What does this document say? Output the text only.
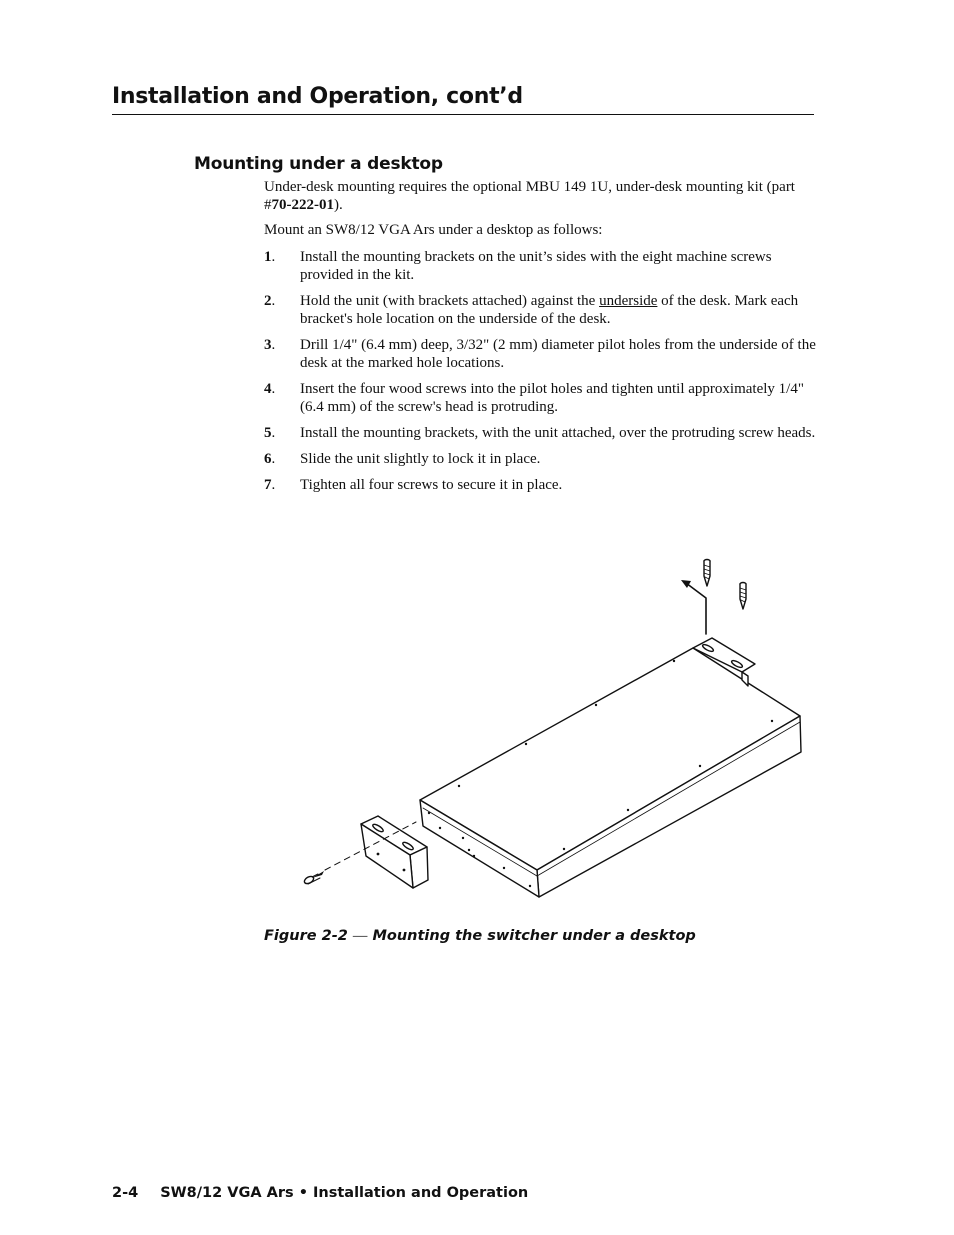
Installation and Operation, cont’d
Mounting under a desktop

Under-desk mounting requires the optional MBU 149 1U, under-desk mounting kit (part #70-222-01).

Mount an SW8/12 VGA Ars under a desktop as follows:

1.	Install the mounting brackets on the unit’s sides with the eight machine screws provided in the kit.
2.	Hold the unit (with brackets attached) against the underside of the desk. Mark each bracket's hole location on the underside of the desk.
3.	Drill 1/4" (6.4 mm) deep, 3/32" (2 mm) diameter pilot holes from the underside of the desk at the marked hole locations.
4.	Insert the four wood screws into the pilot holes and tighten until approximately 1/4" (6.4 mm) of the screw's head is protruding.
5.	Install the mounting brackets, with the unit attached, over the protruding screw heads.
6.	Slide the unit slightly to lock it in place.
7.	Tighten all four screws to secure it in place.
Figure 2-2 — Mounting the switcher under a desktop
2-4 SW8/12 VGA Ars • Installation and Operation
